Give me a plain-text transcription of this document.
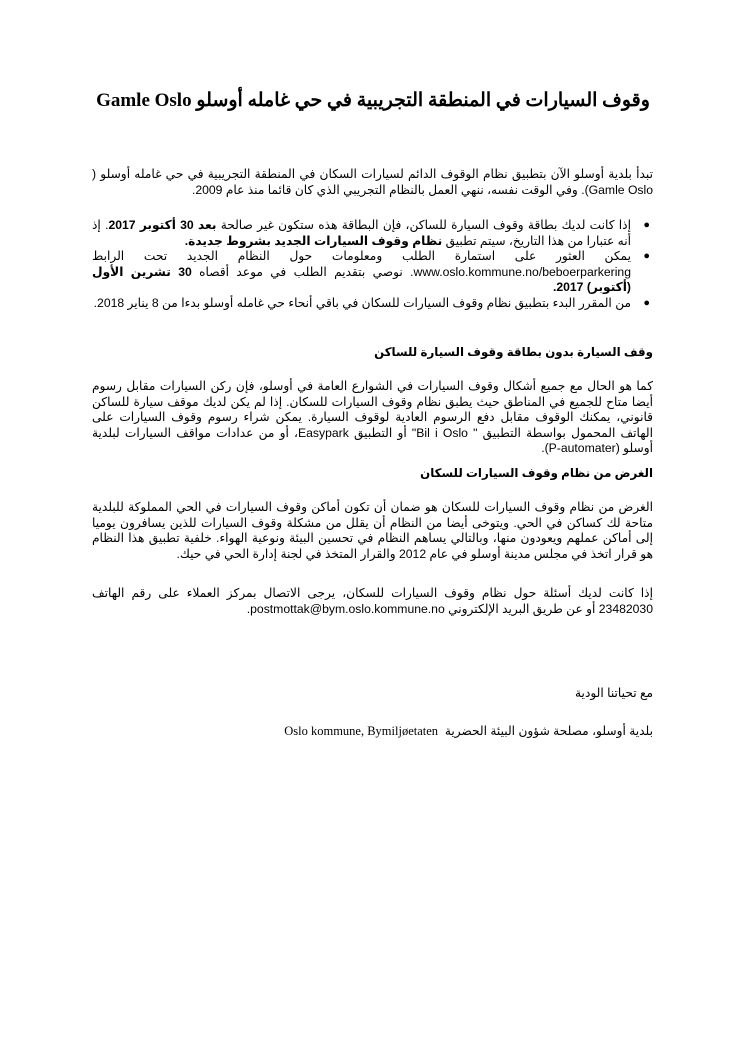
وقوف السيارات في المنطقة التجريبية في حي غامله أوسلو Gamle Oslo
تبدأ بلدية أوسلو الآن بتطبيق نظام الوقوف الدائم لسيارات السكان في المنطقة التجريبية في حي غامله أوسلو ( Gamle Oslo). وفي الوقت نفسه، ننهي العمل بالنظام التجريبي الذي كان قائما منذ عام 2009.
●
إذا كانت لديك بطاقة وقوف السيارة للساكن، فإن البطاقة هذه ستكون غير صالحة بعد 30 أكتوبر 2017. إذ أنه عتبارا من هذا التاريخ، سيتم تطبيق نظام وقوف السيارات الجديد بشروط جديدة.
●
يمكن العثور على استمارة الطلب ومعلومات حول النظام الجديد تحت الرابط www.oslo.kommune.no/beboerparkering. نوصي بتقديم الطلب في موعد أقصاه 30 تشرين الأول (أكتوبر) 2017.
●
من المقرر البدء بتطبيق نظام وقوف السيارات للسكان في باقي أنحاء حي غامله أوسلو بدءا من 8 يناير 2018.
وقف السيارة بدون بطاقة وقوف السيارة للساكن
كما هو الحال مع جميع أشكال وقوف السيارات في الشوارع العامة في أوسلو، فإن ركن السيارات مقابل رسوم أيضا متاح للجميع في المناطق حيث يطبق نظام وقوف السيارات للسكان. إذا لم يكن لديك موقف سيارة للساكن قانوني، يمكنك الوقوف مقابل دفع الرسوم العادية لوقوف السيارة. يمكن شراء رسوم وقوف السيارات على الهاتف المحمول بواسطة التطبيق " Bil i Oslo" أو التطبيق Easypark، أو من عدادات مواقف السيارات لبلدية أوسلو (P-automater).
الغرض من نظام وقوف السيارات للسكان
الغرض من نظام وقوف السيارات للسكان هو ضمان أن تكون أماكن وقوف السيارات في الحي المملوكة للبلدية متاحة لك كساكن في الحي. ويتوخى أيضا من النظام أن يقلل من مشكلة وقوف السيارات للذين يسافرون يوميا إلى أماكن عملهم ويعودون منها، وبالتالي يساهم النظام في تحسين البيئة ونوعية الهواء. خلفية تطبيق هذا النظام هو قرار اتخذ في مجلس مدينة أوسلو في عام 2012 والقرار المتخذ في لجنة إدارة الحي في حيك.
إذا كانت لديك أسئلة حول نظام وقوف السيارات للسكان، يرجى الاتصال بمركز العملاء على رقم الهاتف 23482030 أو عن طريق البريد الإلكتروني postmottak@bym.oslo.kommune.no.
مع تحياتنا الودية
بلدية أوسلو، مصلحة شؤون البيئة الحضرية  Oslo kommune, Bymiljøetaten
